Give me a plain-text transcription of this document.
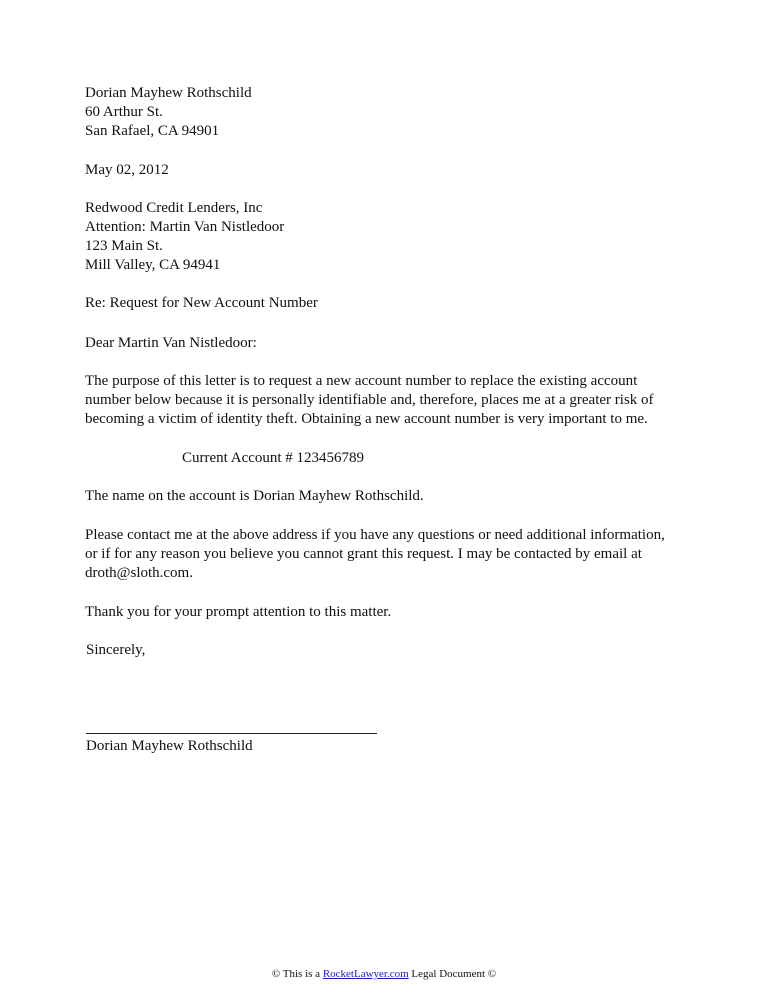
Dorian Mayhew Rothschild

60 Arthur St.

San Rafael, CA 94901

May 02, 2012

Redwood Credit Lenders, Inc

Attention: Martin Van Nistledoor

123 Main St.

Mill Valley, CA 94941

Re: Request for New Account Number

Dear Martin Van Nistledoor:

The purpose of this letter is to request a new account number to replace the existing account

number below because it is personally identifiable and, therefore, places me at a greater risk of

becoming a victim of identity theft. Obtaining a new account number is very important to me.

Current Account # 123456789

The name on the account is Dorian Mayhew Rothschild.

Please contact me at the above address if you have any questions or need additional information,

or if for any reason you believe you cannot grant this request. I may be contacted by email at

droth@sloth.com.

Thank you for your prompt attention to this matter.

Sincerely,

Dorian Mayhew Rothschild

© This is a RocketLawyer.com Legal Document ©
